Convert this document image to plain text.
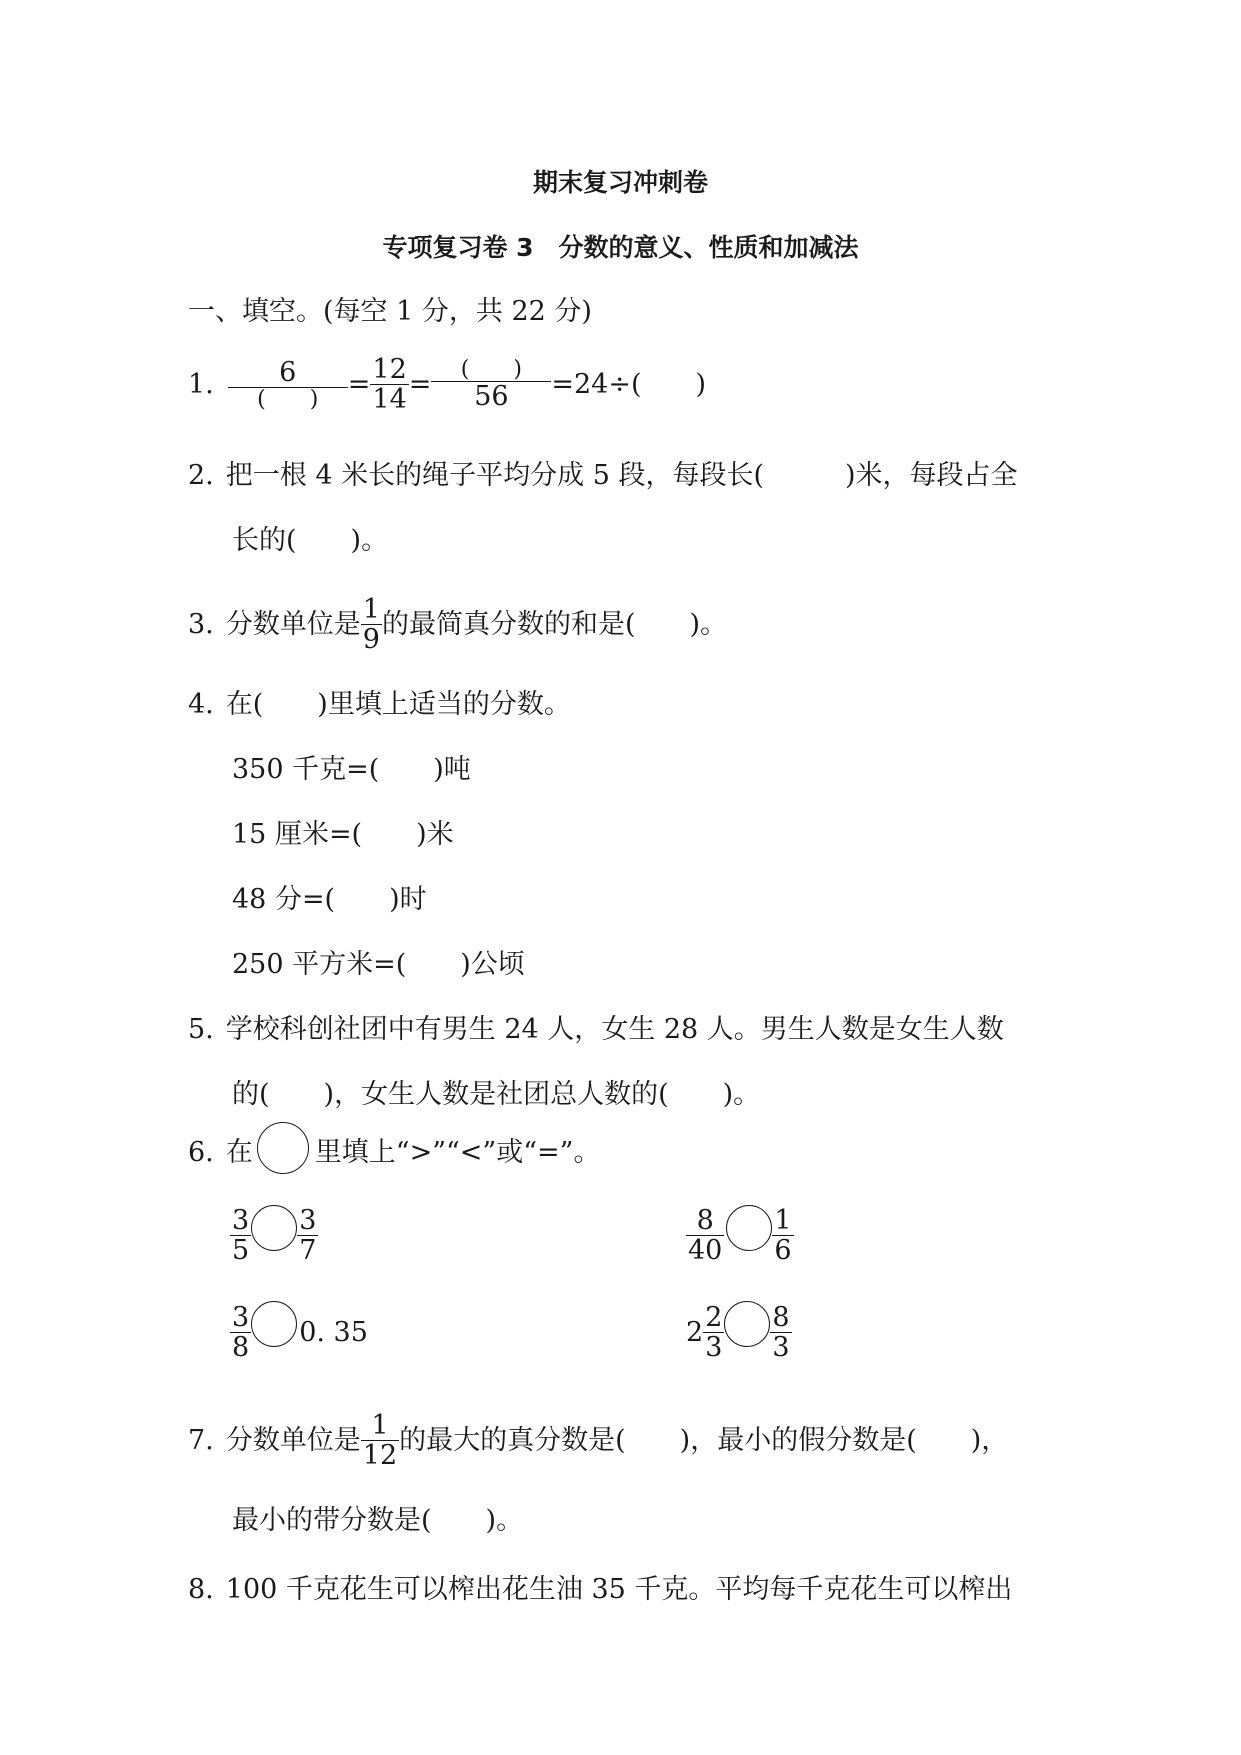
期末复习冲刺卷
专项复习卷 3　分数的意义、性质和加减法
一、填空。(每空 1 分，共 22 分)
1. $\frac{6}{( )} = \frac{12}{14} = \frac{( )}{56} =24\div$(　　)
2. 把一根 4 米长的绳子平均分成 5 段，每段长(　　　)米，每段占全
长的(　　)。
3. 分数单位是 $\frac{1}{9}$ 的最简真分数的和是(　　)。
4. 在(　　)里填上适当的分数。
350 千克=(　　)吨
15 厘米=(　　)米
48 分=(　　)时
250 平方米=(　　)公顷
5. 学校科创社团中有男生 24 人，女生 28 人。男生人数是女生人数
的(　　)，女生人数是社团总人数的(　　)。
6. 在 里填上“>”“<”或“=”。
$\frac{3}{5} \frac{3}{7}$	$\frac{8}{40} \frac{1}{6}$
$\frac{3}{8} 0$. 35	$2 \frac{2}{3} \frac{8}{3}$
7. 分数单位是 $\frac{1}{12}$ 的最大的真分数是(　　)，最小的假分数是(　　)，
最小的带分数是(　　)。
8. 100 千克花生可以榨出花生油 35 千克。平均每千克花生可以榨出
